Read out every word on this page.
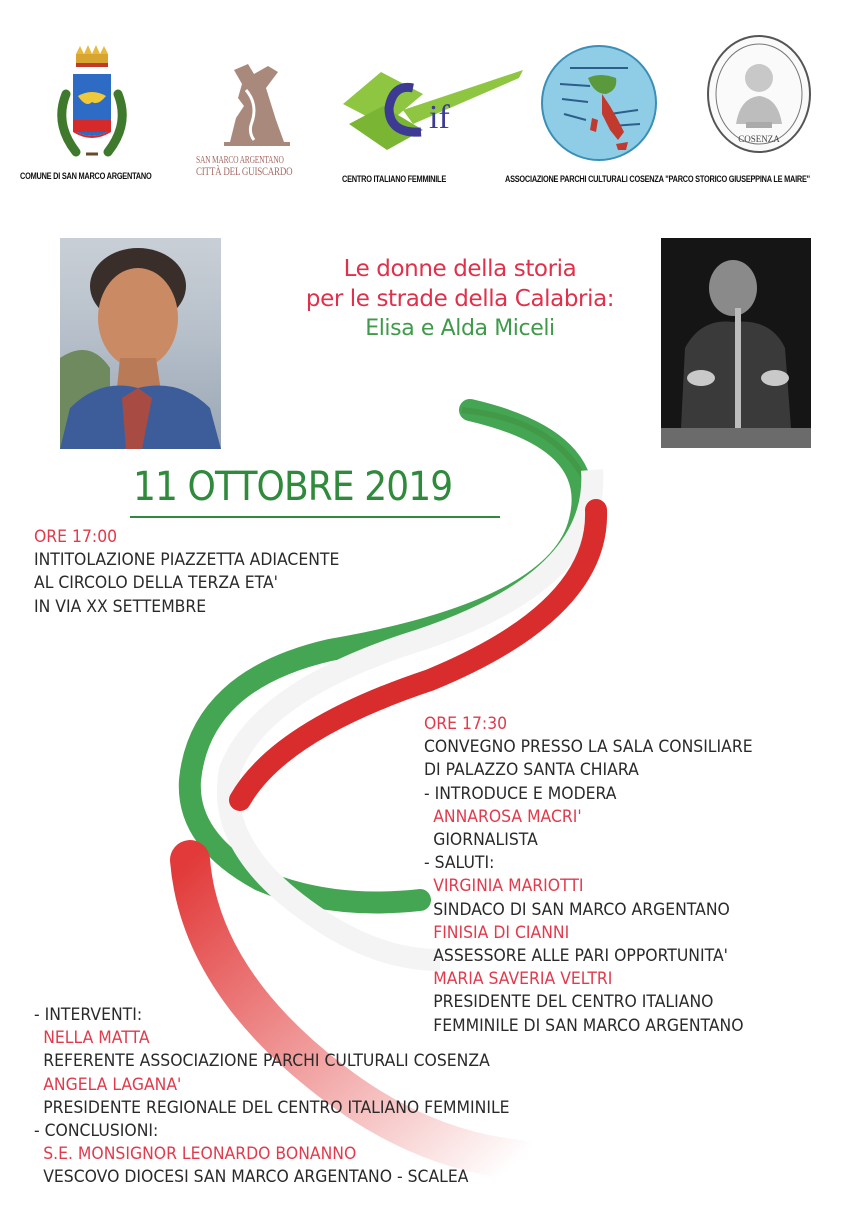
COMUNE DI SAN MARCO ARGENTANO
SAN MARCO ARGENTANO
CITTÀ DEL GUISCARDO
if
CENTRO ITALIANO FEMMINILE	ASSOCIAZIONE PARCHI CULTURALI COSENZA "PARCO STORICO GIUSEPPINA LE MAIRE"
COSENZA
Le donne della storia
per le strade della Calabria:
Elisa e Alda Miceli
11 OTTOBRE 2019
ORE 17:00
INTITOLAZIONE PIAZZETTA ADIACENTE
AL CIRCOLO DELLA TERZA ETA'
IN VIA XX SETTEMBRE
ORE 17:30
CONVEGNO PRESSO LA SALA CONSILIARE
DI PALAZZO SANTA CHIARA
- INTRODUCE E MODERA
ANNAROSA MACRI'
GIORNALISTA
- SALUTI:
VIRGINIA MARIOTTI
SINDACO DI SAN MARCO ARGENTANO
FINISIA DI CIANNI
ASSESSORE ALLE PARI OPPORTUNITA'
MARIA SAVERIA VELTRI
PRESIDENTE DEL CENTRO ITALIANO
FEMMINILE DI SAN MARCO ARGENTANO
- INTERVENTI:
NELLA MATTA
REFERENTE ASSOCIAZIONE PARCHI CULTURALI COSENZA
ANGELA LAGANA'
PRESIDENTE REGIONALE DEL CENTRO ITALIANO FEMMINILE
- CONCLUSIONI:
S.E. MONSIGNOR LEONARDO BONANNO
VESCOVO DIOCESI SAN MARCO ARGENTANO - SCALEA
